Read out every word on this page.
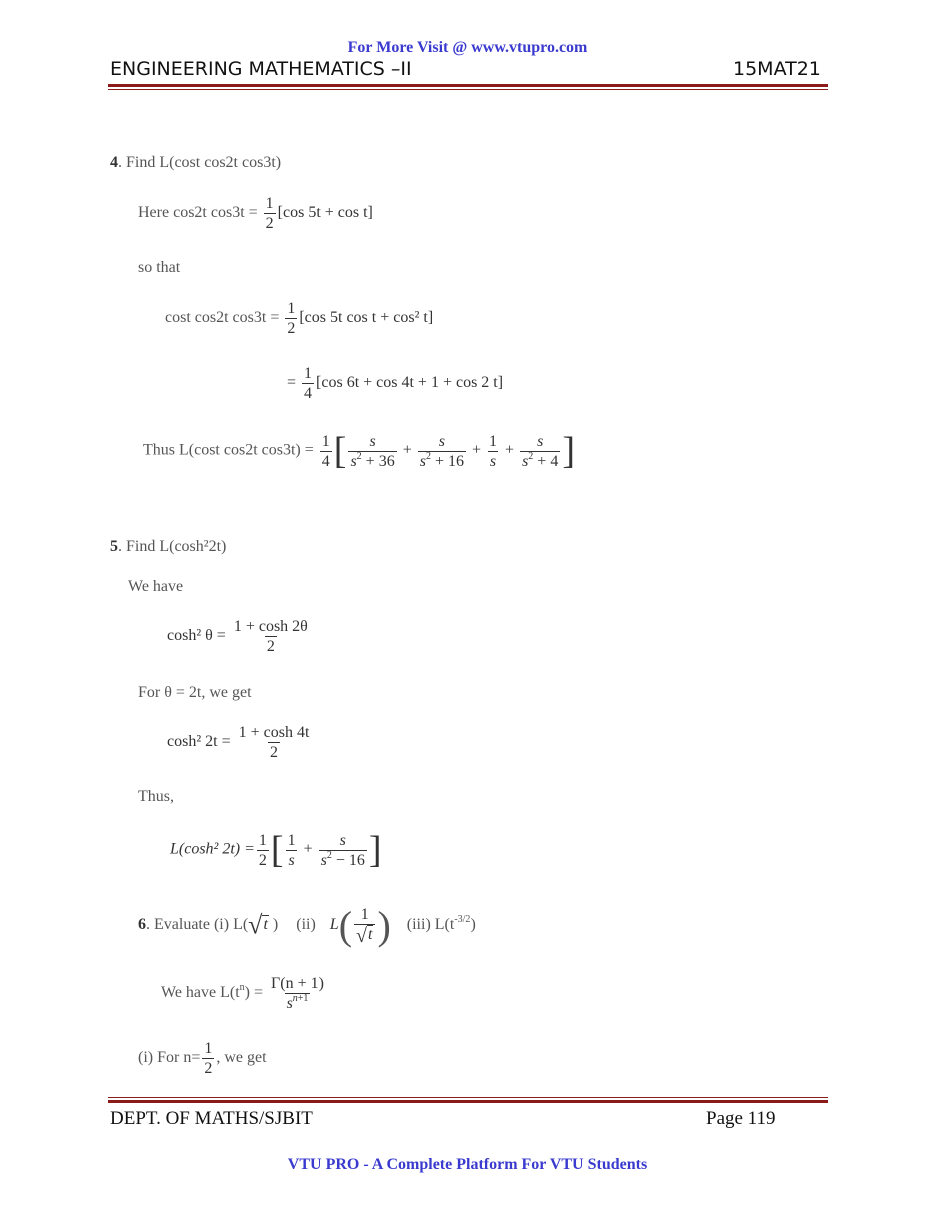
For More Visit @ www.vtupro.com
ENGINEERING MATHEMATICS –II	15MAT21
4. Find L(cost cos2t cos3t)
Here cos2t $\cos 3t = \frac{1}{2} [\cos$ 5t + cos t]
so that
cost cos2t $\cos 3t = \frac{1}{2} [\cos$ 5t cos t + cos² t]
= $\frac{1}{4} [\cos$ 6t + cos 4t + 1 + cos 2 t]
Thus L(cost cos2t $\cos 3t) = \frac{1}{4}$ [ $\frac{s}{s^2 + 36} + \frac{s}{s^2 + 16} + \frac{1}{s} + \frac{s}{s^2 + 4}$ ]
5. Find L(cosh²2t)
We have
cosh² $\theta = \frac{1 + \cosh 2\theta}{2}$
For θ = 2t, we get
cosh² $2t = \frac{1 + \cosh 4t}{2}$
Thus,
L(cosh² $2t) = \frac{1}{2}$ [ $\frac{1}{s} + \frac{s}{s^2 - 16}$ ]
6. Evaluate (i) L(√t ) (ii) $L( \frac{1}{√t}$ ) (iii) $L(t^{-3/2})$
We have $L(t^n) = \frac{\Gamma(n + 1)}{s^{n+1}}$
(i) For $n= \frac{1}{2}$ , we get
DEPT. OF MATHS/SJBIT	Page 119
VTU PRO - A Complete Platform For VTU Students
